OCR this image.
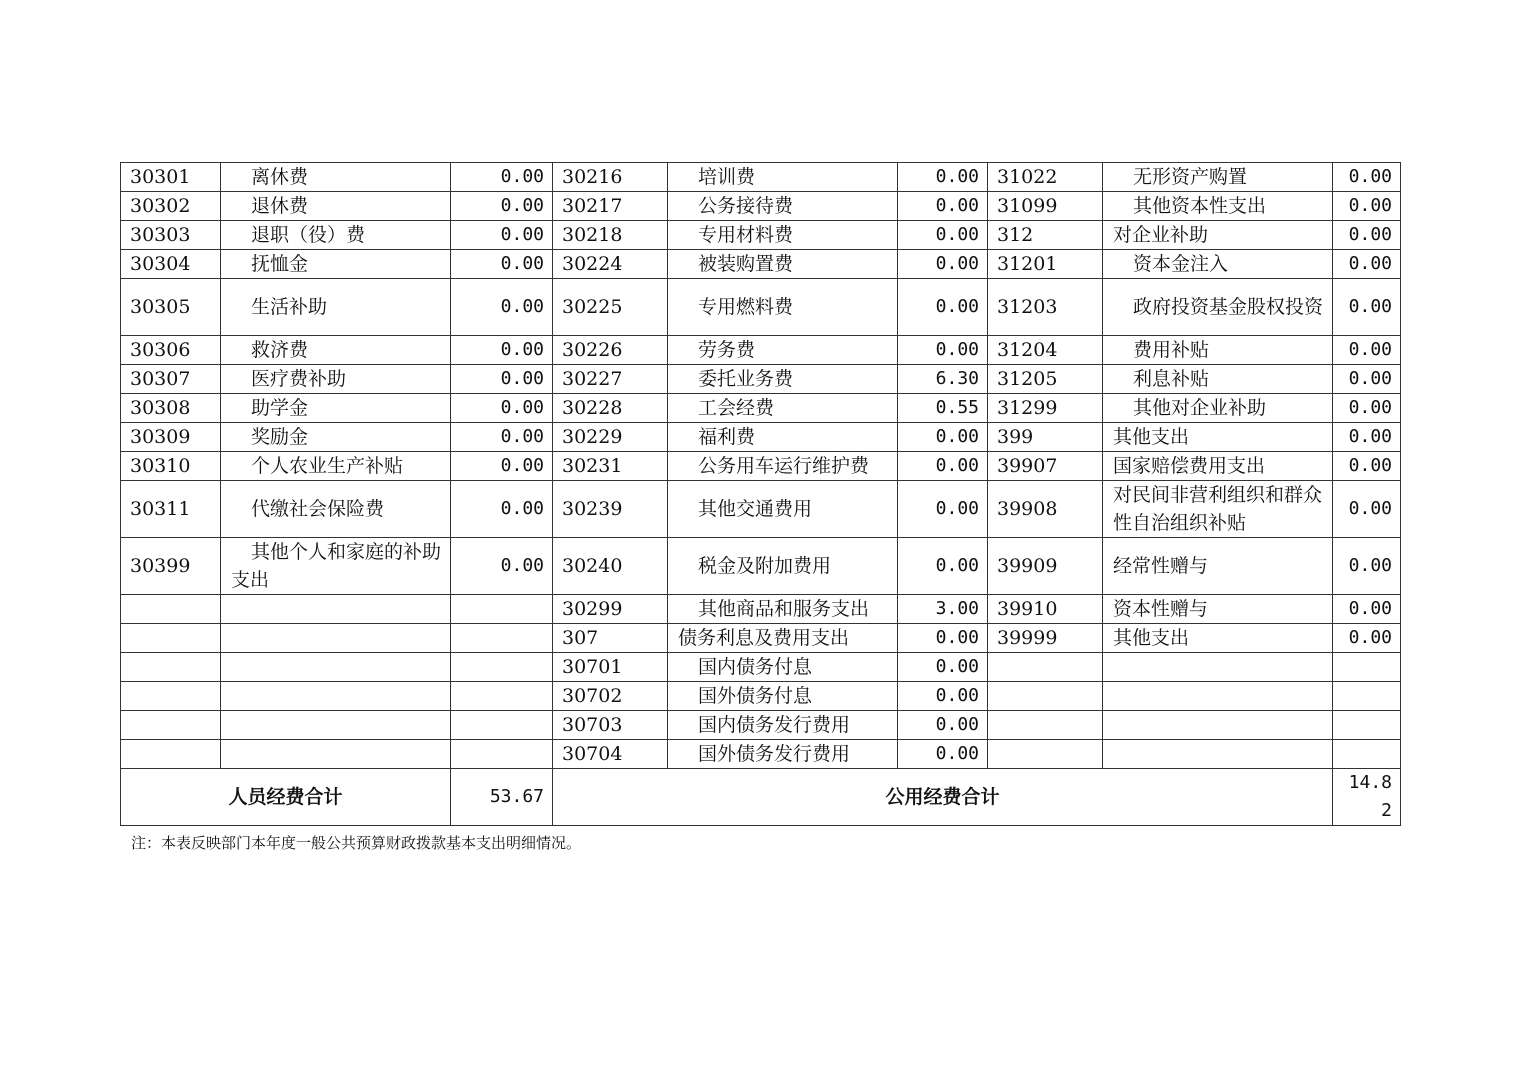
30301	离休费	0.00	30216	培训费	0.00	31022	无形资产购置	0.00
30302	退休费	0.00	30217	公务接待费	0.00	31099	其他资本性支出	0.00
30303	退职（役）费	0.00	30218	专用材料费	0.00	312	对企业补助	0.00
30304	抚恤金	0.00	30224	被装购置费	0.00	31201	资本金注入	0.00
30305	生活补助	0.00	30225	专用燃料费	0.00	31203	政府投资基金股权投资	0.00
30306	救济费	0.00	30226	劳务费	0.00	31204	费用补贴	0.00
30307	医疗费补助	0.00	30227	委托业务费	6.30	31205	利息补贴	0.00
30308	助学金	0.00	30228	工会经费	0.55	31299	其他对企业补助	0.00
30309	奖励金	0.00	30229	福利费	0.00	399	其他支出	0.00
30310	个人农业生产补贴	0.00	30231	公务用车运行维护费	0.00	39907	国家赔偿费用支出	0.00
30311	代缴社会保险费	0.00	30239	其他交通费用	0.00	39908	对民间非营利组织和群众性自治组织补贴	0.00
30399	其他个人和家庭的补助支出	0.00	30240	税金及附加费用	0.00	39909	经常性赠与	0.00
			30299	其他商品和服务支出	3.00	39910	资本性赠与	0.00
			307	债务利息及费用支出	0.00	39999	其他支出	0.00
			30701	国内债务付息	0.00			
			30702	国外债务付息	0.00			
			30703	国内债务发行费用	0.00			
			30704	国外债务发行费用	0.00			
人员经费合计		53.67	公用经费合计					14.82
注：本表反映部门本年度一般公共预算财政拨款基本支出明细情况。
